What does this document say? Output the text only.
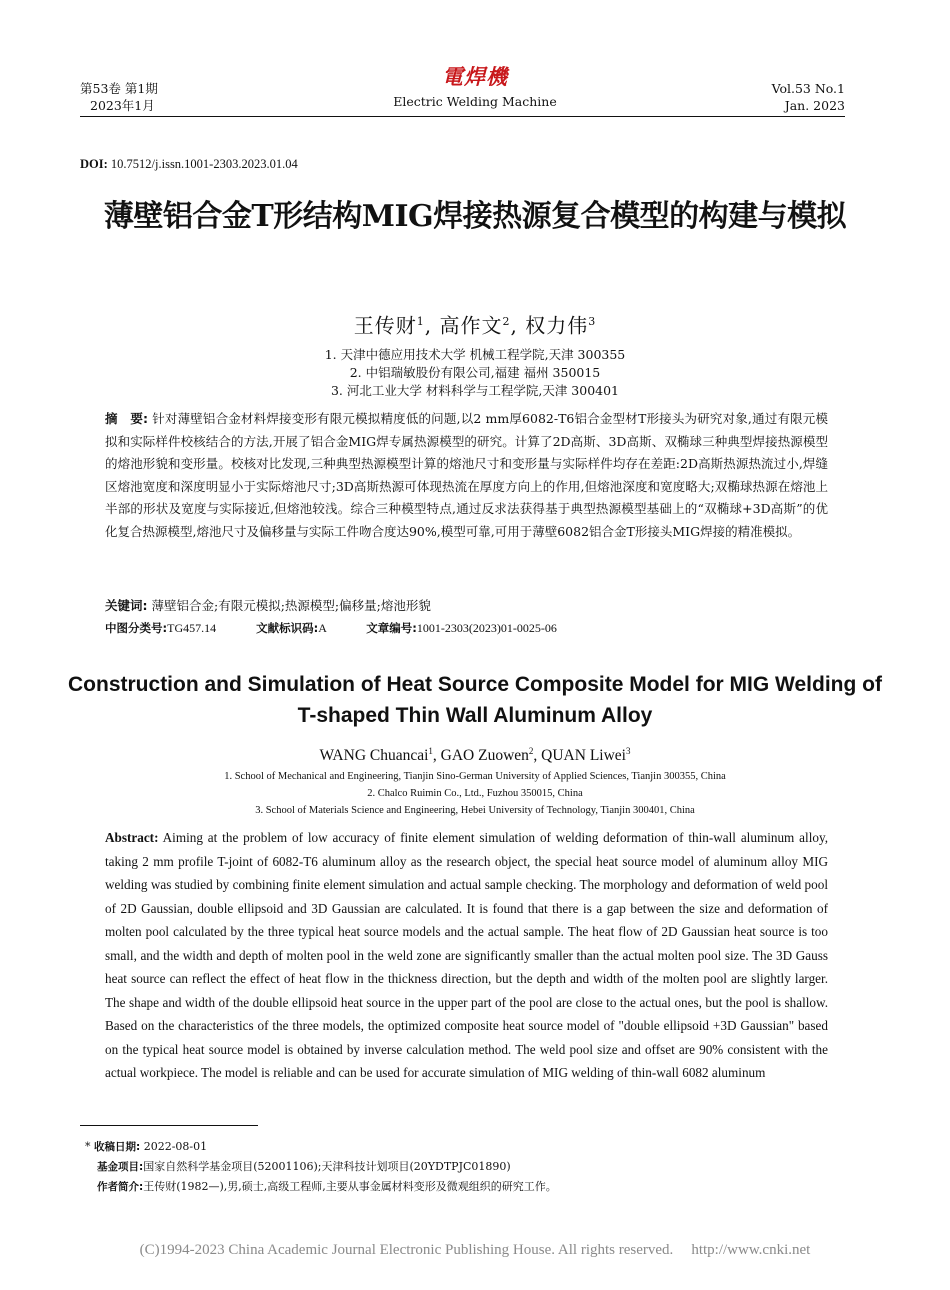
第53卷 第1期
2023年1月
電焊機
Electric Welding Machine
Vol.53 No.1
Jan. 2023
DOI: 10.7512/j.issn.1001-2303.2023.01.04
薄壁铝合金T形结构MIG焊接热源复合模型的构建与模拟
王传财$^1$, 高作文$^2$, 权力伟$^3$
1. 天津中德应用技术大学 机械工程学院,天津 300355
2. 中铝瑞敏股份有限公司,福建 福州 350015
3. 河北工业大学 材料科学与工程学院,天津 300401
摘　要: 针对薄壁铝合金材料焊接变形有限元模拟精度低的问题,以2 mm厚6082-T6铝合金型材T形接头为研究对象,通过有限元模拟和实际样件校核结合的方法,开展了铝合金MIG焊专属热源模型的研究。计算了2D高斯、3D高斯、双椭球三种典型焊接热源模型的熔池形貌和变形量。校核对比发现,三种典型热源模型计算的熔池尺寸和变形量与实际样件均存在差距:2D高斯热源热流过小,焊缝区熔池宽度和深度明显小于实际熔池尺寸;3D高斯热源可体现热流在厚度方向上的作用,但熔池深度和宽度略大;双椭球热源在熔池上半部的形状及宽度与实际接近,但熔池较浅。综合三种模型特点,通过反求法获得基于典型热源模型基础上的“双椭球+3D高斯”的优化复合热源模型,熔池尺寸及偏移量与实际工件吻合度达90%,模型可靠,可用于薄壁6082铝合金T形接头MIG焊接的精准模拟。
关键词: 薄壁铝合金;有限元模拟;热源模型;偏移量;熔池形貌
中图分类号:TG457.14	文献标识码:A	文章编号:1001-2303(2023)01-0025-06
Construction and Simulation of Heat Source Composite Model for MIG Welding of T-shaped Thin Wall Aluminum Alloy
WANG Chuancai$^1$, GAO Zuowen$^2$, QUAN Liwei$^3$
1. School of Mechanical and Engineering, Tianjin Sino-German University of Applied Sciences, Tianjin 300355, China
2. Chalco Ruimin Co., Ltd., Fuzhou 350015, China
3. School of Materials Science and Engineering, Hebei University of Technology, Tianjin 300401, China
Abstract: Aiming at the problem of low accuracy of finite element simulation of welding deformation of thin-wall aluminum alloy, taking 2 mm profile T-joint of 6082-T6 aluminum alloy as the research object, the special heat source model of aluminum alloy MIG welding was studied by combining finite element simulation and actual sample checking. The morphology and deformation of weld pool of 2D Gaussian, double ellipsoid and 3D Gaussian are calculated. It is found that there is a gap between the size and deformation of molten pool calculated by the three typical heat source models and the actual sample. The heat flow of 2D Gaussian heat source is too small, and the width and depth of molten pool in the weld zone are significantly smaller than the actual molten pool size. The 3D Gauss heat source can reflect the effect of heat flow in the thickness direction, but the depth and width of the molten pool are slightly larger. The shape and width of the double ellipsoid heat source in the upper part of the pool are close to the actual ones, but the pool is shallow. Based on the characteristics of the three models, the optimized composite heat source model of "double ellipsoid +3D Gaussian" based on the typical heat source model is obtained by inverse calculation method. The weld pool size and offset are 90% consistent with the actual workpiece. The model is reliable and can be used for accurate simulation of MIG welding of thin-wall 6082 aluminum
* 收稿日期: 2022-08-01
基金项目:国家自然科学基金项目(52001106);天津科技计划项目(20YDTPJC01890)
作者简介:王传财(1982—),男,硕士,高级工程师,主要从事金属材料变形及微观组织的研究工作。
(C)1994-2023 China Academic Journal Electronic Publishing House. All rights reserved. http://www.cnki.net
